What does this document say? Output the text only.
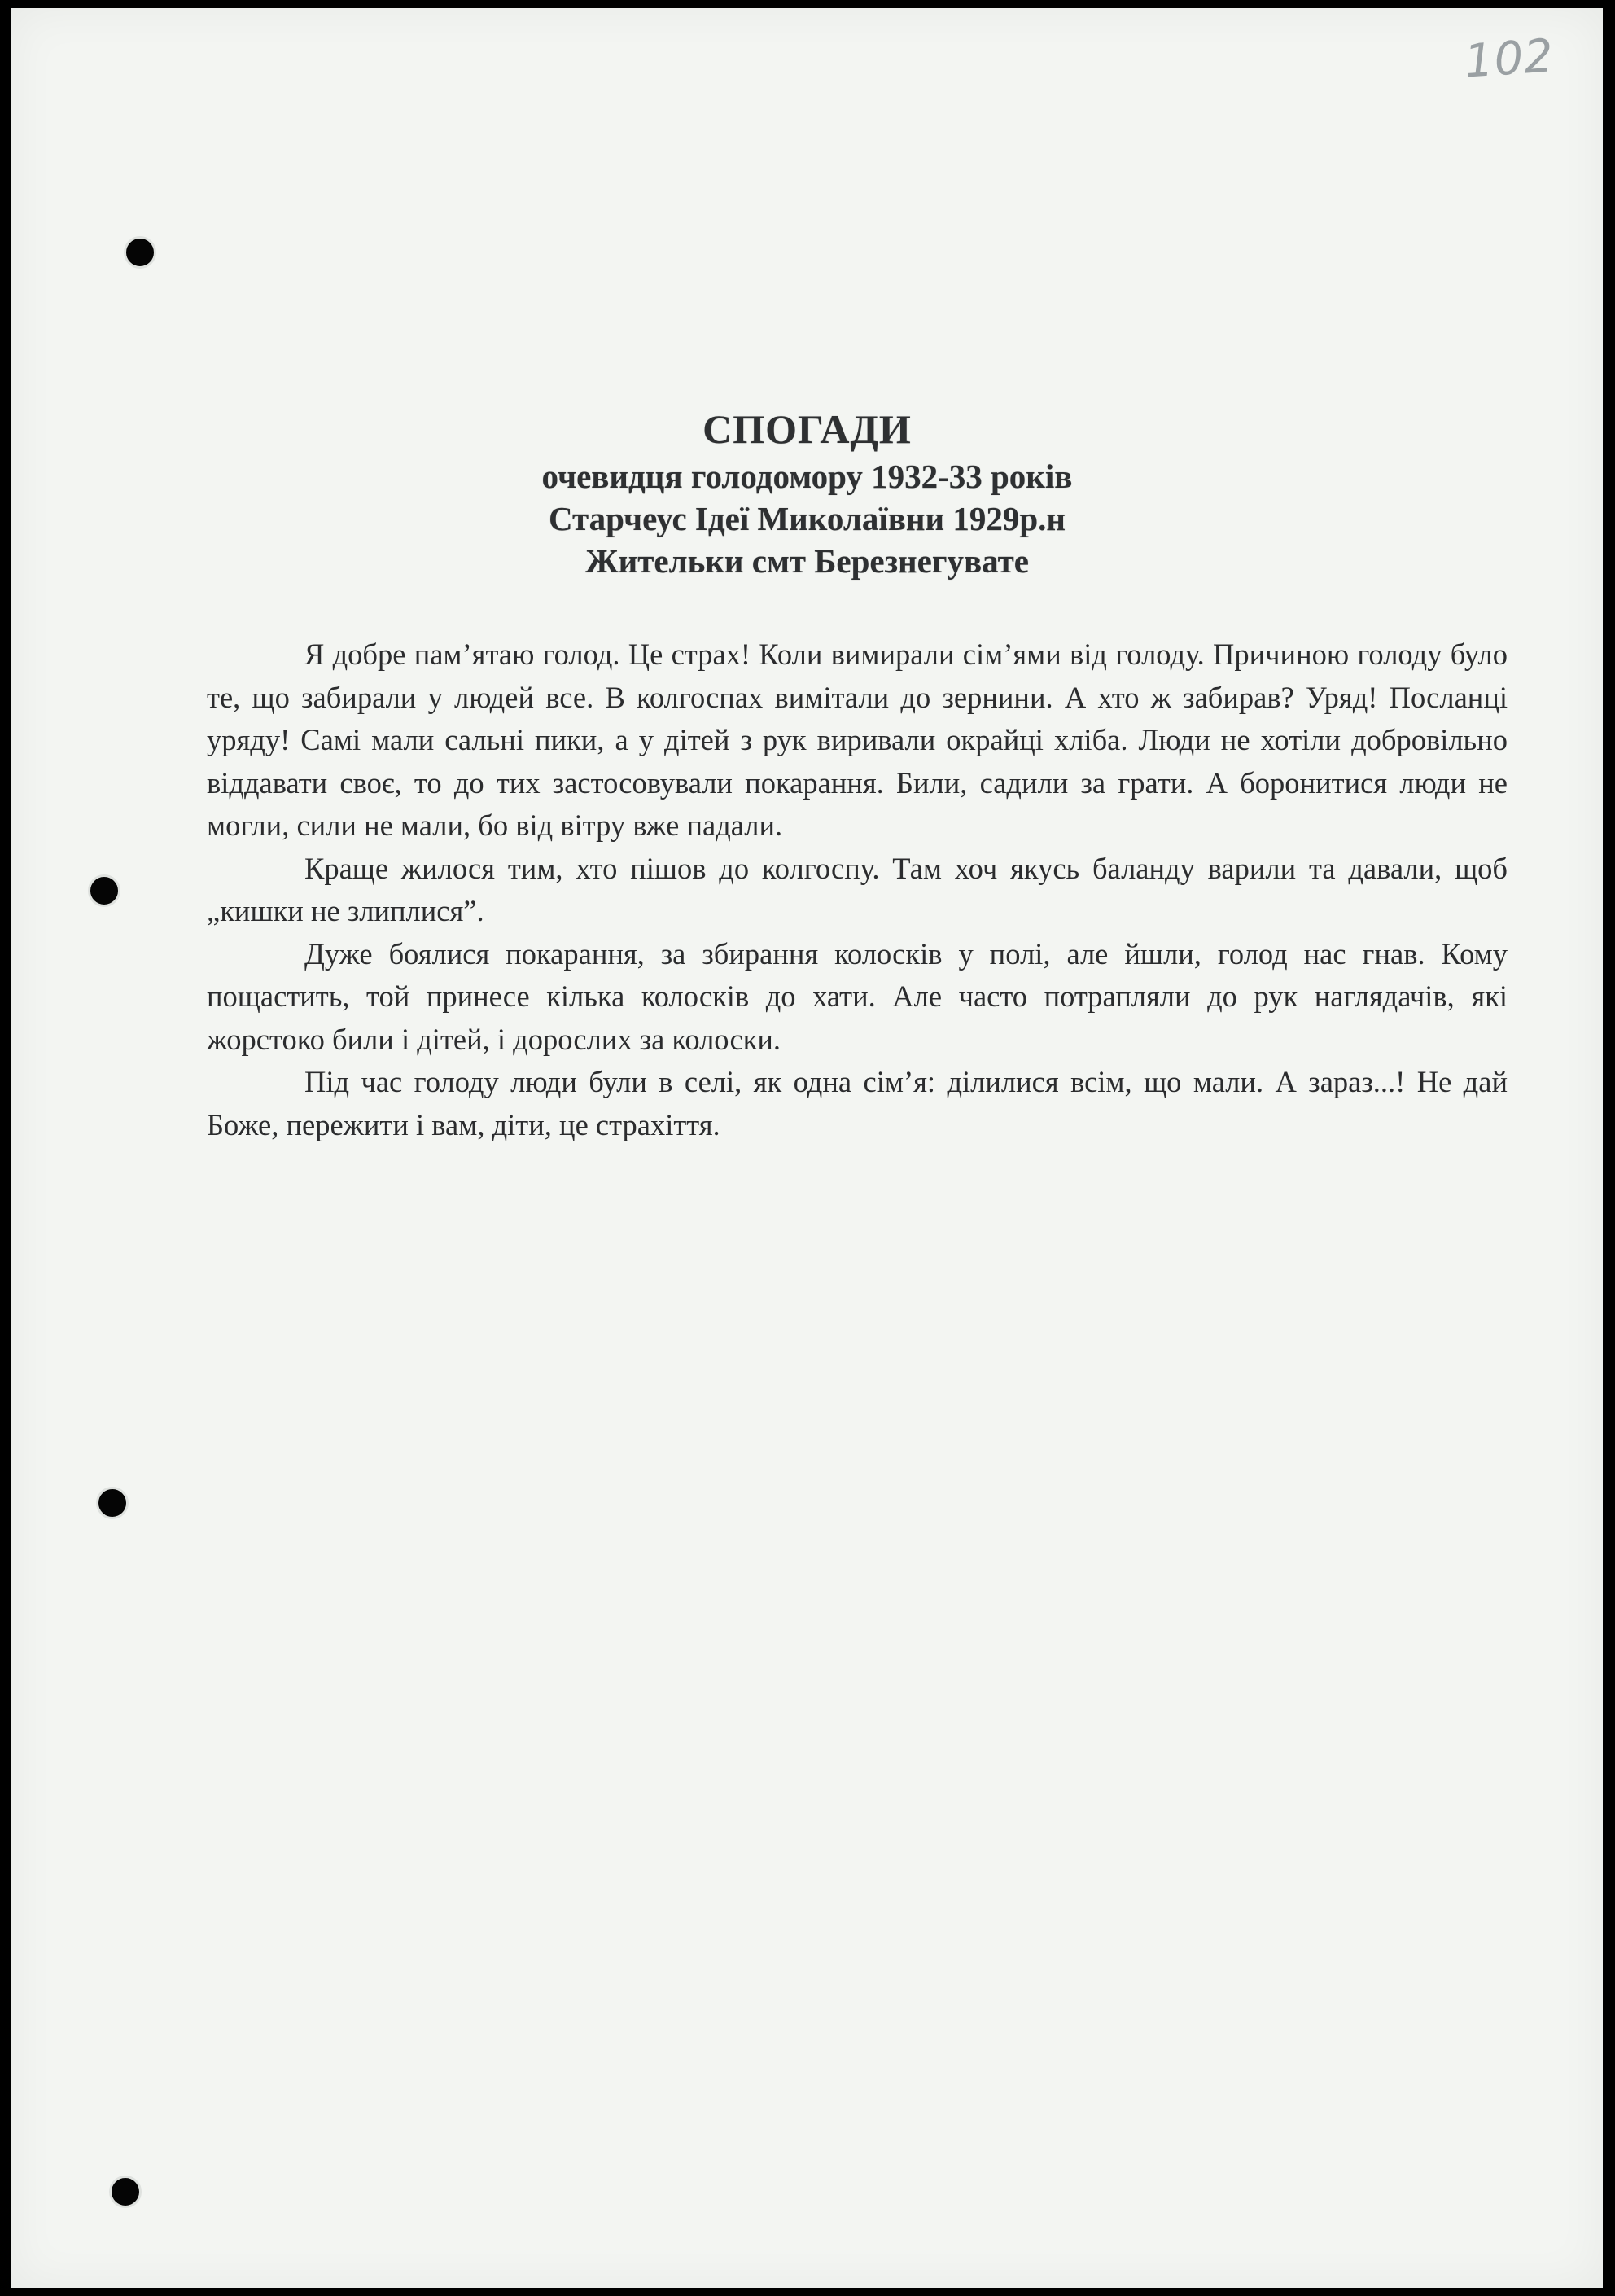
102
СПОГАДИ
очевидця голодомору 1932-33 років
Старчеус Ідеї Миколаївни 1929р.н
Жительки смт Березнегувате

Я добре пам’ятаю голод. Це страх! Коли вимирали сім’ями від голоду. Причиною голоду було те, що забирали у людей все. В колгоспах вимітали до зернини. А хто ж забирав? Уряд! Посланці уряду! Самі мали сальні пики, а у дітей з рук виривали окрайці хліба. Люди не хотіли добровільно віддавати своє, то до тих застосовували покарання. Били, садили за грати. А боронитися люди не могли, сили не мали, бо від вітру вже падали.

Краще жилося тим, хто пішов до колгоспу. Там хоч якусь баланду варили та давали, щоб „кишки не злиплися”.

Дуже боялися покарання, за збирання колосків у полі, але йшли, голод нас гнав. Кому пощастить, той принесе кілька колосків до хати. Але часто потрапляли до рук наглядачів, які жорстоко били і дітей, і дорослих за колоски.

Під час голоду люди були в селі, як одна сім’я: ділилися всім, що мали. А зараз...! Не дай Боже, пережити і вам, діти, це страхіття.
